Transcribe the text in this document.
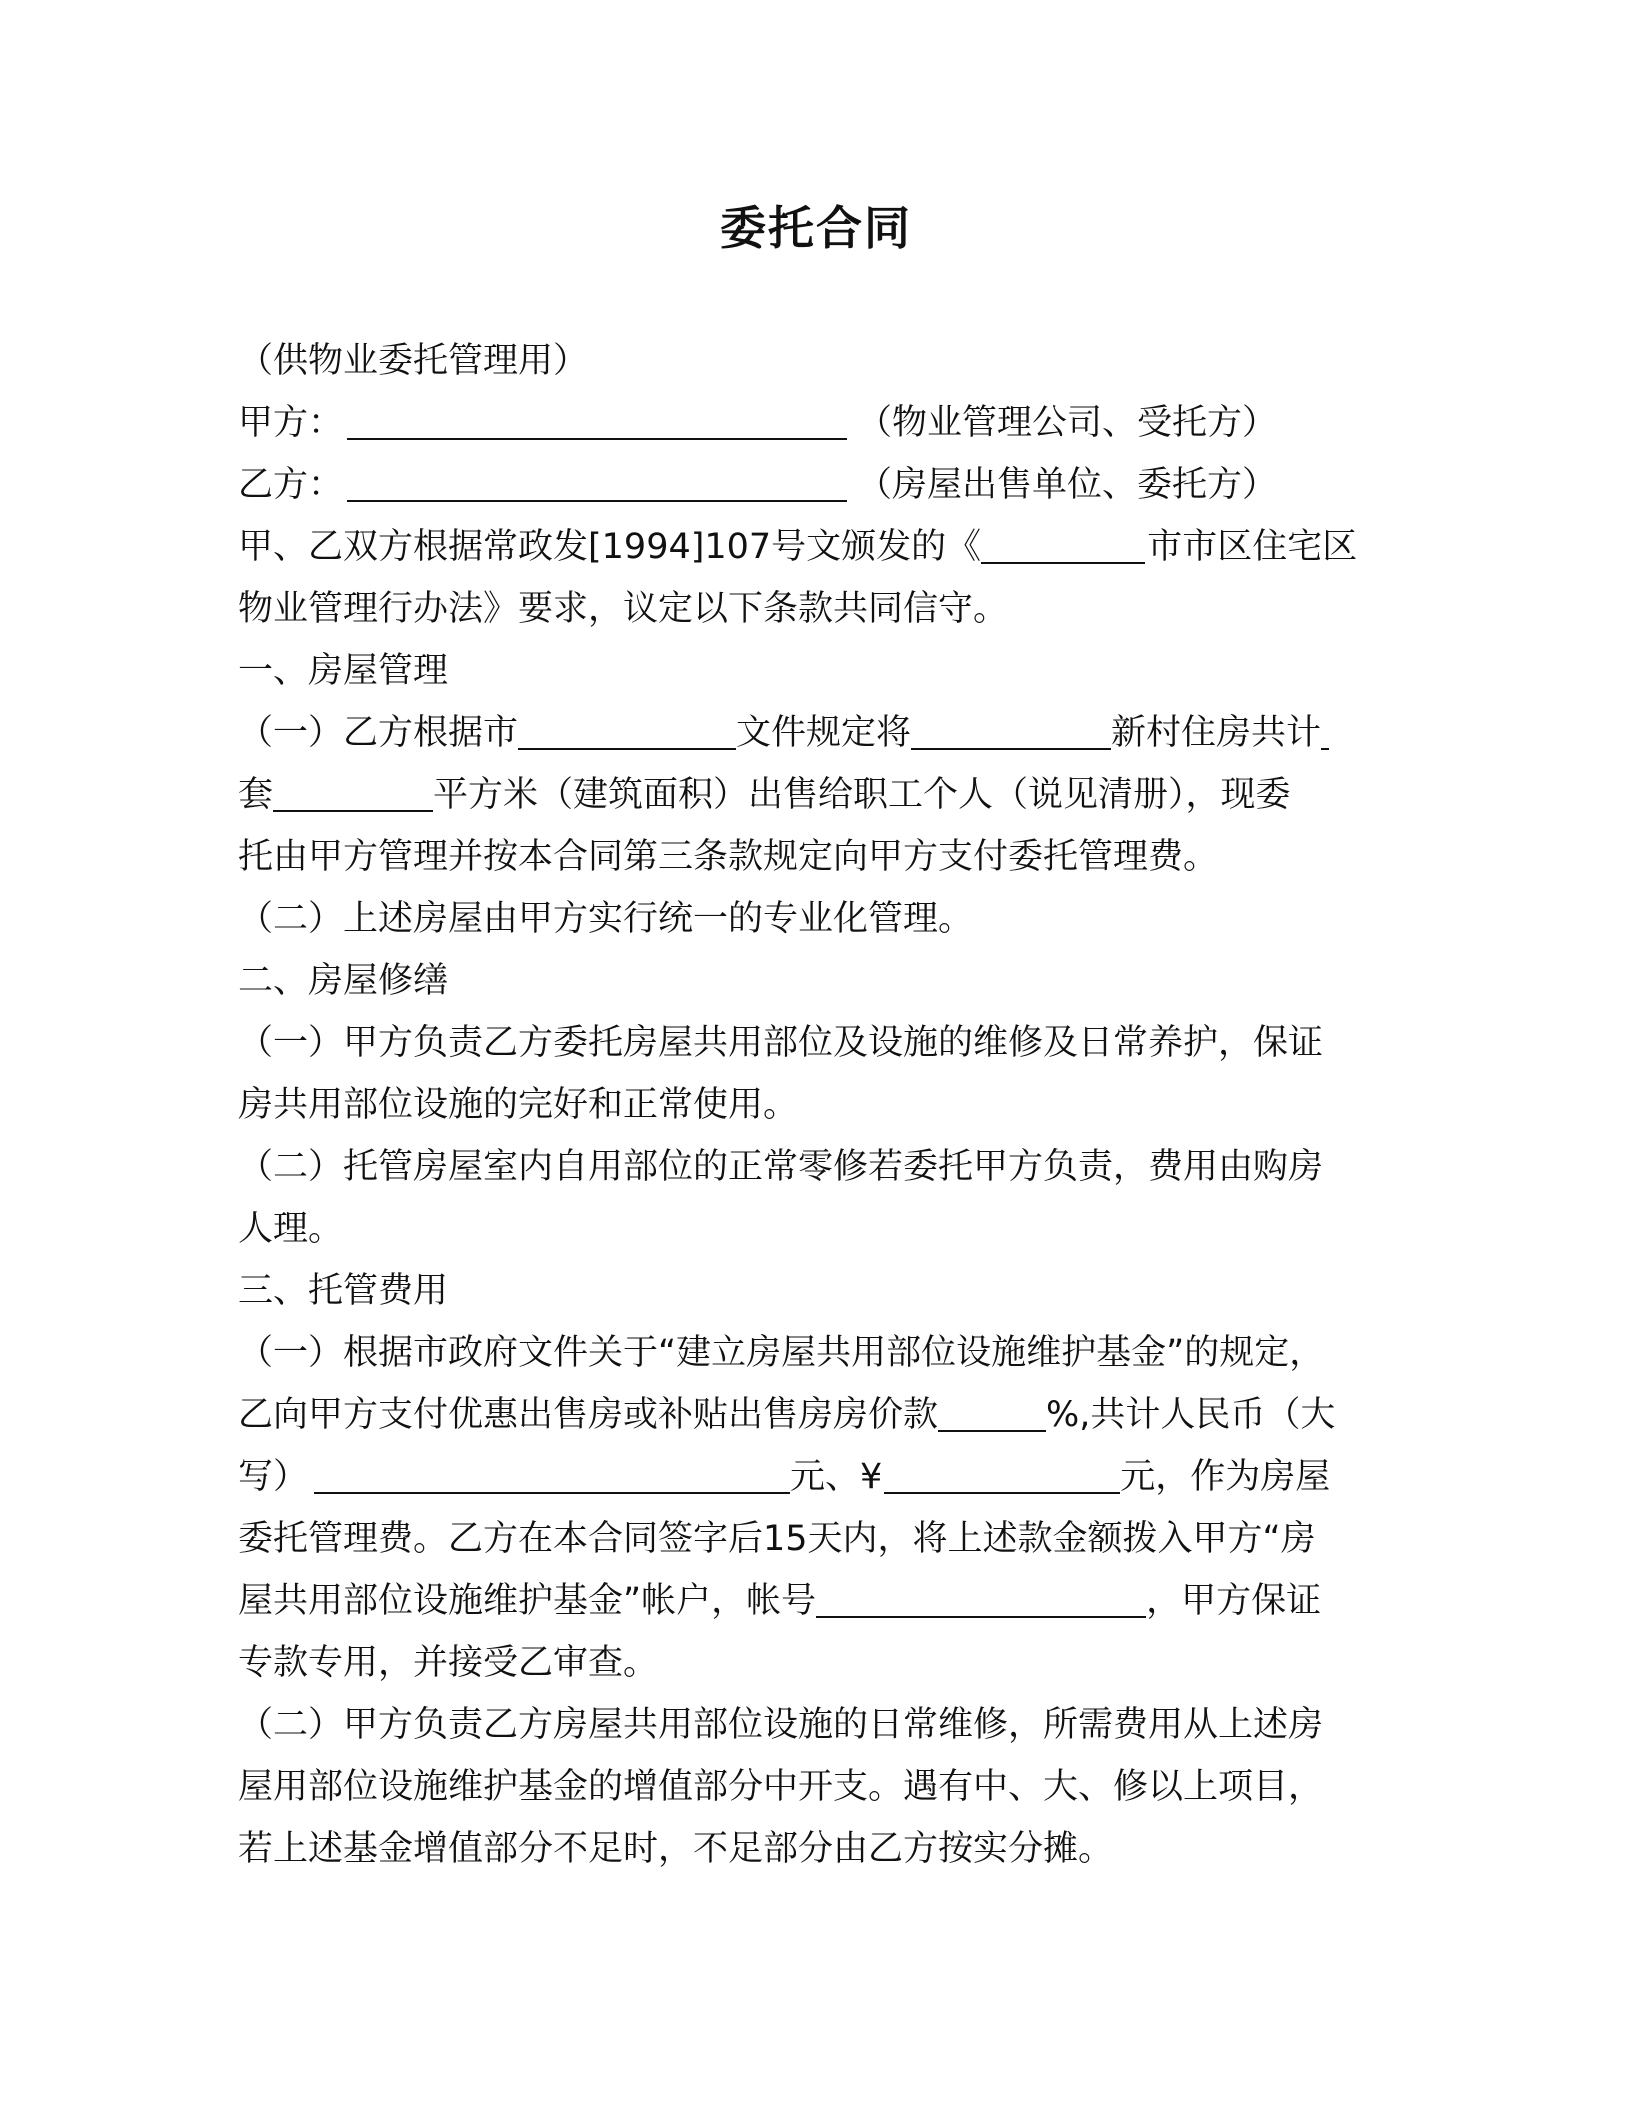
委托合同
（供物业委托管理用）
甲方：	（物业管理公司、受托方）
乙方：	（房屋出售单位、委托方）
甲、乙双方根据常政发[1994]107号文颁发的《	市市区住宅区
物业管理行办法》要求，议定以下条款共同信守。
一、房屋管理
（一）乙方根据市	文件规定将	新村住房共计
套	平方米（建筑面积）出售给职工个人（说见清册），现委
托由甲方管理并按本合同第三条款规定向甲方支付委托管理费。
（二）上述房屋由甲方实行统一的专业化管理。
二、房屋修缮
（一）甲方负责乙方委托房屋共用部位及设施的维修及日常养护，保证
房共用部位设施的完好和正常使用。
（二）托管房屋室内自用部位的正常零修若委托甲方负责，费用由购房
人理。
三、托管费用
（一）根据市政府文件关于“建立房屋共用部位设施维护基金”的规定，
乙向甲方支付优惠出售房或补贴出售房房价款	%,共计人民币（大
写）	元、¥	元，作为房屋
委托管理费。乙方在本合同签字后15天内，将上述款金额拨入甲方“房
屋共用部位设施维护基金”帐户，帐号	，甲方保证
专款专用，并接受乙审查。
（二）甲方负责乙方房屋共用部位设施的日常维修，所需费用从上述房
屋用部位设施维护基金的增值部分中开支。遇有中、大、修以上项目，
若上述基金增值部分不足时，不足部分由乙方按实分摊。
